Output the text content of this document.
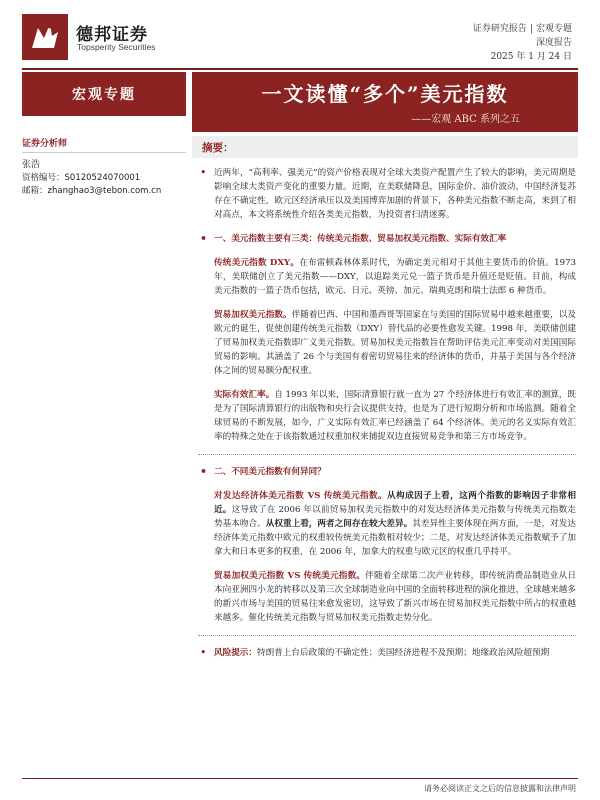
德邦证券
Topsperity Securities
证券研究报告 | 宏观专题
深度报告
2025 年 1 月 24 日
宏观专题
证券分析师
张浩
资格编号：S0120524070001
邮箱：zhanghao3@tebon.com.cn
一文读懂“多个”美元指数
——宏观 ABC 系列之五
摘要：
• 近两年，“高利率、强美元”的资产价格表现对全球大类资产配置产生了较大的影响，美元周期是影响全球大类资产变化的重要力量。近期，在美联储降息，国际金价、油价波动，中国经济复苏存在不确定性，欧元区经济承压以及美国博弈加剧的背景下，各种美元指数不断走高，来到了相对高点，本文将系统性介绍各类美元指数，为投资者扫清迷雾。
• 一、美元指数主要有三类：传统美元指数、贸易加权美元指数、实际有效汇率
传统美元指数 DXY。在布雷顿森林体系时代，为确定美元相对于其他主要货币的价值。1973 年，美联储创立了美元指数——DXY，以追踪美元兑一篮子货币是升值还是贬值。目前，构成美元指数的一篮子货币包括，欧元、日元、英镑、加元、瑞典克朗和瑞士法郎 6 种货币。
贸易加权美元指数。伴随着巴西、中国和墨西哥等国家在与美国的国际贸易中越来越重要，以及欧元的诞生，促使创建传统美元指数（DXY）替代品的必要性愈发关键。1998 年，美联储创建了贸易加权美元指数即广义美元指数。贸易加权美元指数旨在帮助评估美元汇率变动对美国国际贸易的影响。其涵盖了 26 个与美国有着密切贸易往来的经济体的货币，并基于美国与各个经济体之间的贸易额分配权重。
实际有效汇率。自 1993 年以来，国际清算银行就一直为 27 个经济体进行有效汇率的测算，既是为了国际清算银行的出版物和央行会议提供支持，也是为了进行短期分析和市场监测。随着全球贸易的不断发展，如今，广义实际有效汇率已经涵盖了 64 个经济体。美元的名义实际有效汇率的特殊之处在于该指数通过权重加权来捕捉双边直接贸易竞争和第三方市场竞争。
• 二、不同美元指数有何异同？
对发达经济体美元指数 VS 传统美元指数。从构成因子上看，这两个指数的影响因子非常相近。这导致了在 2006 年以前贸易加权美元指数中的对发达经济体美元指数与传统美元指数走势基本吻合。从权重上看，两者之间存在较大差异。其差异性主要体现在两方面，一是，对发达经济体美元指数中欧元的权重较传统美元指数相对较少；二是，对发达经济体美元指数赋予了加拿大和日本更多的权重，在 2006 年，加拿大的权重与欧元区的权重几乎持平。
贸易加权美元指数 VS 传统美元指数。伴随着全球第二次产业转移，即传统消费品制造业从日本向亚洲四小龙的转移以及第三次全球制造业向中国的全面转移进程的演化推进，全球越来越多的新兴市场与美国的贸易往来愈发密切，这导致了新兴市场在贸易加权美元指数中所占的权重越来越多。催化传统美元指数与贸易加权美元指数走势分化。
• 风险提示：特朗普上台后政策的不确定性；美国经济进程不及预期；地缘政治风险超预期
请务必阅读正文之后的信息披露和法律声明
